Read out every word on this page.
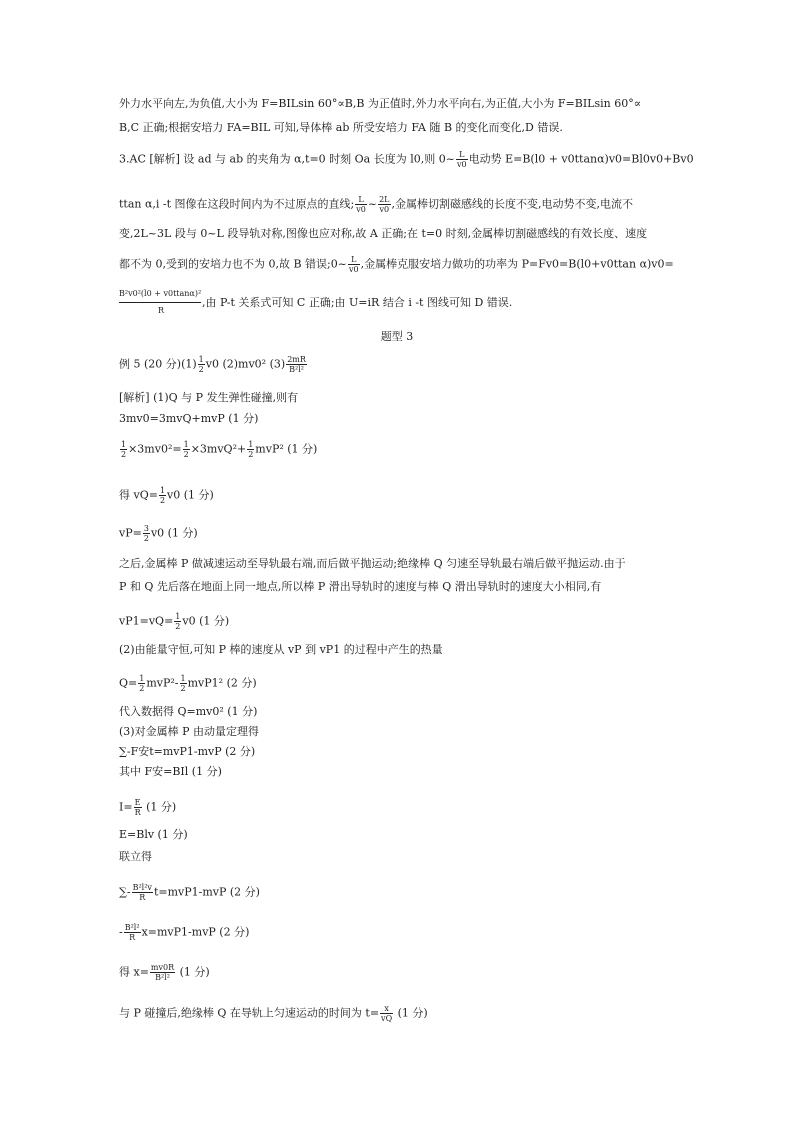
外力水平向左,为负值,大小为 F=BILsin 60°∝B,B 为正值时,外力水平向右,为正值,大小为 F=BILsin 60°∝
B,C 正确;根据安培力 FA=BIL 可知,导体棒 ab 所受安培力 FA 随 B 的变化而变化,D 错误.
3.AC [解析] 设 ad 与 ab 的夹角为 α,t=0 时刻 Oa 长度为 l0,则 0~ $\frac{L}{v0}$ 电动势 E=B(l0 + v0ttanα)v0=Bl0v0+Bv0
ttan α,i -t 图像在这段时间内为不过原点的直线; $\frac{L}{v0}$ ~ $\frac{2L}{v0}$ ,金属棒切割磁感线的长度不变,电动势不变,电流不
变,2L~3L 段与 0~L 段导轨对称,图像也应对称,故 A 正确;在 t=0 时刻,金属棒切割磁感线的有效长度、速度
都不为 0,受到的安培力也不为 0,故 B 错误;0~ $\frac{L}{v0}$ ,金属棒克服安培力做功的功率为 P=Fv0=B(l0+v0ttan α)v0=
B²v0²(l0 + v0ttanα)²
R
,由 P-t 关系式可知 C 正确;由 U=iR 结合 i -t 图线可知 D 错误.
题型 3
例 5 (20 分)$(1) \frac{1}{2} v0$ (2)mv0² $(3) \frac{2mR}{\text{B²l²}}$
[解析] (1)Q 与 P 发生弹性碰撞,则有
3mv0=3mvQ+mvP (1 分)
$\frac{1}{2} \times 3mv0^2= \frac{1}{2} \times 3mvQ^2+ \frac{1}{2} mvP^2$ (1 分)
得 $vQ= \frac{1}{2} v0$ (1 分)
$vP= \frac{3}{2} v0$ (1 分)
之后,金属棒 P 做减速运动至导轨最右端,而后做平抛运动;绝缘棒 Q 匀速至导轨最右端后做平抛运动.由于
P 和 Q 先后落在地面上同一地点,所以棒 P 滑出导轨时的速度与棒 Q 滑出导轨时的速度大小相同,有
$vP1=vQ= \frac{1}{2} v0$ (1 分)
(2)由能量守恒,可知 P 棒的速度从 vP 到 vP1 的过程中产生的热量
$Q= \frac{1}{2} mvP^2- \frac{1}{2} mvP1^2$ (2 分)
代入数据得 Q=mv0² (1 分)
(3)对金属棒 P 由动量定理得
∑-F安t=mvP1-mvP (2 分)
其中 F安=BIl (1 分)
$I= \frac{E}{R} (1$ 分)
E=Blv (1 分)
联立得
∑- $\frac{\text{B²l²v}}{R} t=mvP1-mvP$ (2 分)
- $\frac{\text{B²l²}}{R} x=mvP1-mvP$ (2 分)
得 $x= \frac{mv0R}{\text{B²l²}} (1$ 分)
与 P 碰撞后,绝缘棒 Q 在导轨上匀速运动的时间为 $t= \frac{x}{vQ} (1$ 分)
